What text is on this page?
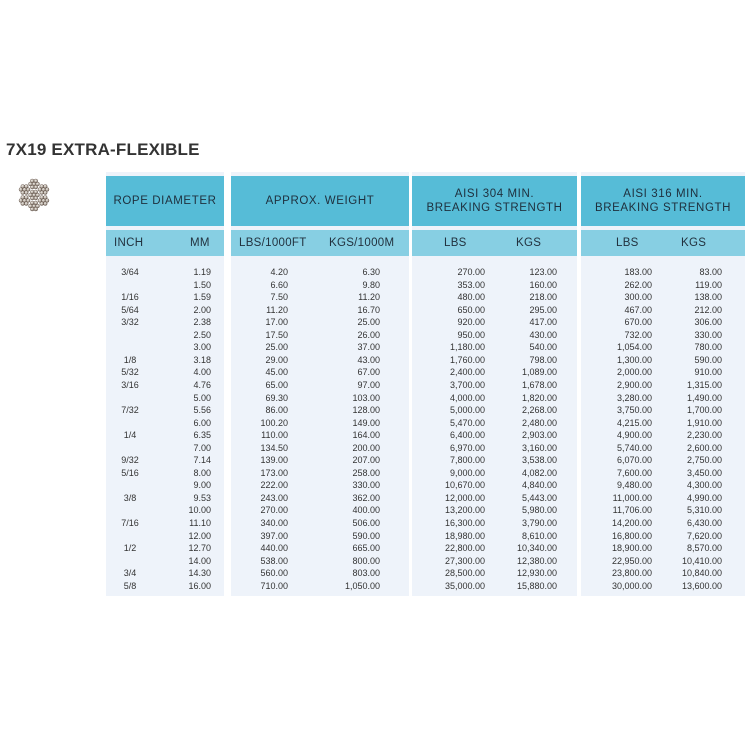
7X19 EXTRA-FLEXIBLE
ROPE DIAMETER	APPROX. WEIGHT
AISI 304 MIN.
BREAKING STRENGTH
AISI 316 MIN.
BREAKING STRENGTH
INCH	MM	LBS/1000FT KGS/1000M	LBS	KGS	LBS	KGS
3/64	1.19	4.20	6.30	270.00	123.00	183.00	83.00
1.50	6.60	9.80	353.00	160.00	262.00	119.00
1/16	1.59	7.50	11.20	480.00	218.00	300.00	138.00
5/64	2.00	11.20	16.70	650.00	295.00	467.00	212.00
3/32	2.38	17.00	25.00	920.00	417.00	670.00	306.00
2.50	17.50	26.00	950.00	430.00	732.00	330.00
3.00	25.00	37.00	1,180.00	540.00	1,054.00	780.00
1/8	3.18	29.00	43.00	1,760.00	798.00	1,300.00	590.00
5/32	4.00	45.00	67.00	2,400.00	1,089.00	2,000.00	910.00
3/16	4.76	65.00	97.00	3,700.00	1,678.00	2,900.00	1,315.00
5.00	69.30	103.00	4,000.00	1,820.00	3,280.00	1,490.00
7/32	5.56	86.00	128.00	5,000.00	2,268.00	3,750.00	1,700.00
6.00	100.20	149.00	5,470.00	2,480.00	4,215.00	1,910.00
1/4	6.35	110.00	164.00	6,400.00	2,903.00	4,900.00	2,230.00
7.00	134.50	200.00	6,970.00	3,160.00	5,740.00	2,600.00
9/32	7.14	139.00	207.00	7,800.00	3,538.00	6,070.00	2,750.00
5/16	8.00	173.00	258.00	9,000.00	4,082.00	7,600.00	3,450.00
9.00	222.00	330.00	10,670.00	4,840.00	9,480.00	4,300.00
3/8	9.53	243.00	362.00	12,000.00	5,443.00	11,000.00	4,990.00
10.00	270.00	400.00	13,200.00	5,980.00	11,706.00	5,310.00
7/16	11.10	340.00	506.00	16,300.00	3,790.00	14,200.00	6,430.00
12.00	397.00	590.00	18,980.00	8,610.00	16,800.00	7,620.00
1/2	12.70	440.00	665.00	22,800.00	10,340.00	18,900.00	8,570.00
14.00	538.00	800.00	27,300.00	12,380.00	22,950.00	10,410.00
3/4	14.30	560.00	803.00	28,500.00	12,930.00	23,800.00	10,840.00
5/8	16.00	710.00	1,050.00	35,000.00	15,880.00	30,000.00	13,600.00
